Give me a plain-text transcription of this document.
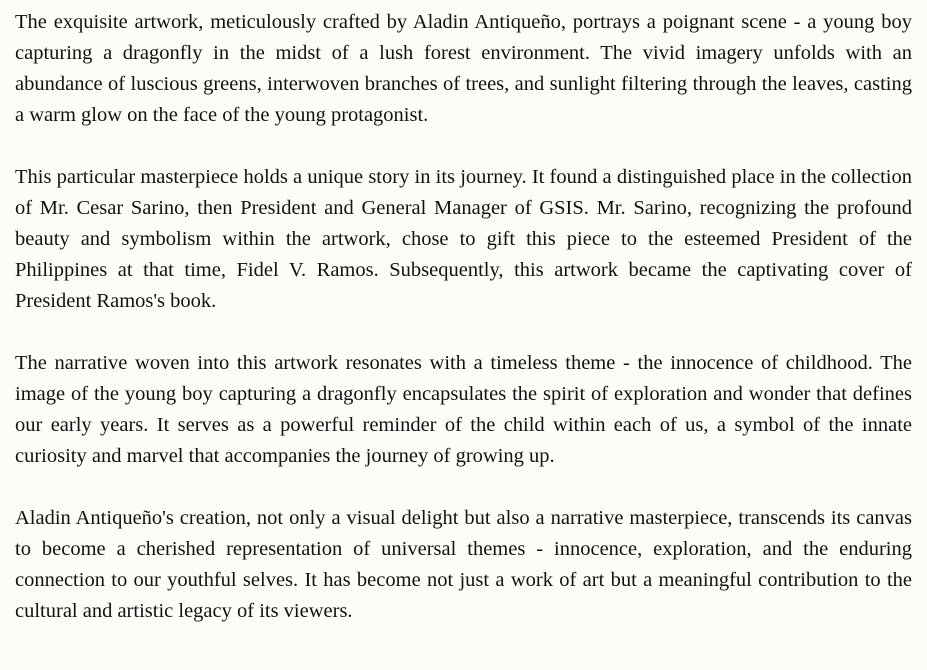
The exquisite artwork, meticulously crafted by Aladin Antiqueño, portrays a poignant scene - a young boy capturing a dragonfly in the midst of a lush forest environment. The vivid imagery unfolds with an abundance of luscious greens, interwoven branches of trees, and sunlight filtering through the leaves, casting a warm glow on the face of the young protagonist.

This particular masterpiece holds a unique story in its journey. It found a distinguished place in the collection of Mr. Cesar Sarino, then President and General Manager of GSIS. Mr. Sarino, recognizing the profound beauty and symbolism within the artwork, chose to gift this piece to the esteemed President of the Philippines at that time, Fidel V. Ramos. Subsequently, this artwork became the captivating cover of President Ramos's book.

The narrative woven into this artwork resonates with a timeless theme - the innocence of childhood. The image of the young boy capturing a dragonfly encapsulates the spirit of exploration and wonder that defines our early years. It serves as a powerful reminder of the child within each of us, a symbol of the innate curiosity and marvel that accompanies the journey of growing up.

Aladin Antiqueño's creation, not only a visual delight but also a narrative masterpiece, transcends its canvas to become a cherished representation of universal themes - innocence, exploration, and the enduring connection to our youthful selves. It has become not just a work of art but a meaningful contribution to the cultural and artistic legacy of its viewers.
